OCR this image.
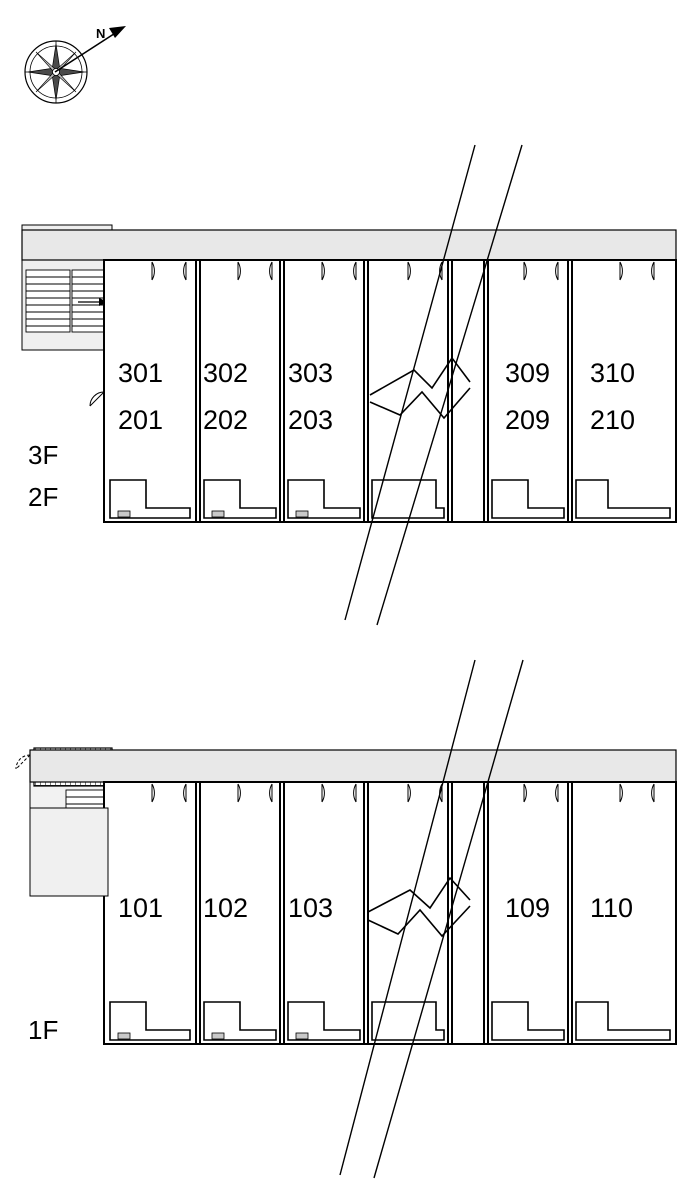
N
3F
2F
301 302 303	309 310
201 202 203	209 210
1F
101 102 103	109 110
